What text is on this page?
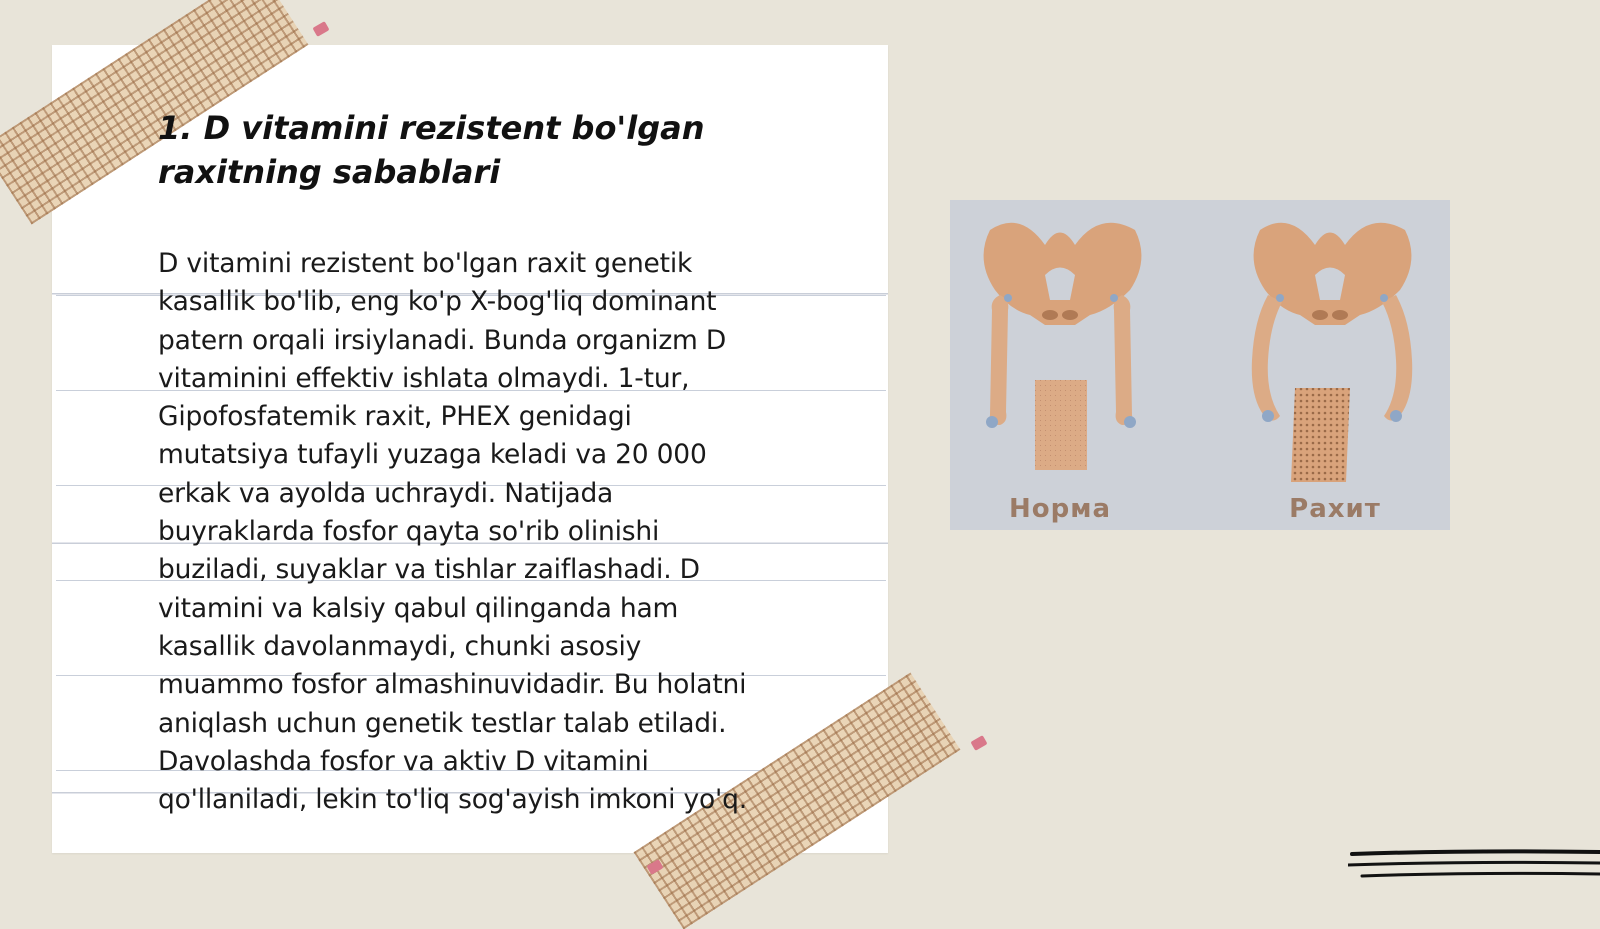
1. D vitamini rezistent bo'lgan
raxitning sabablari
D vitamini rezistent bo'lgan raxit genetik
kasallik bo'lib, eng ko'p X-bog'liq dominant
patern orqali irsiylanadi. Bunda organizm D
vitaminini effektiv ishlata olmaydi. 1-tur,
Gipofosfatemik raxit, PHEX genidagi
mutatsiya tufayli yuzaga keladi va 20 000
erkak va ayolda uchraydi. Natijada
buyraklarda fosfor qayta so'rib olinishi
buziladi, suyaklar va tishlar zaiflashadi. D
vitamini va kalsiy qabul qilinganda ham
kasallik davolanmaydi, chunki asosiy
muammo fosfor almashinuvidadir. Bu holatni
aniqlash uchun genetik testlar talab etiladi.
Davolashda fosfor va aktiv D vitamini
qo'llaniladi, lekin to'liq sog'ayish imkoni yo'q.
Норма	Рахит
